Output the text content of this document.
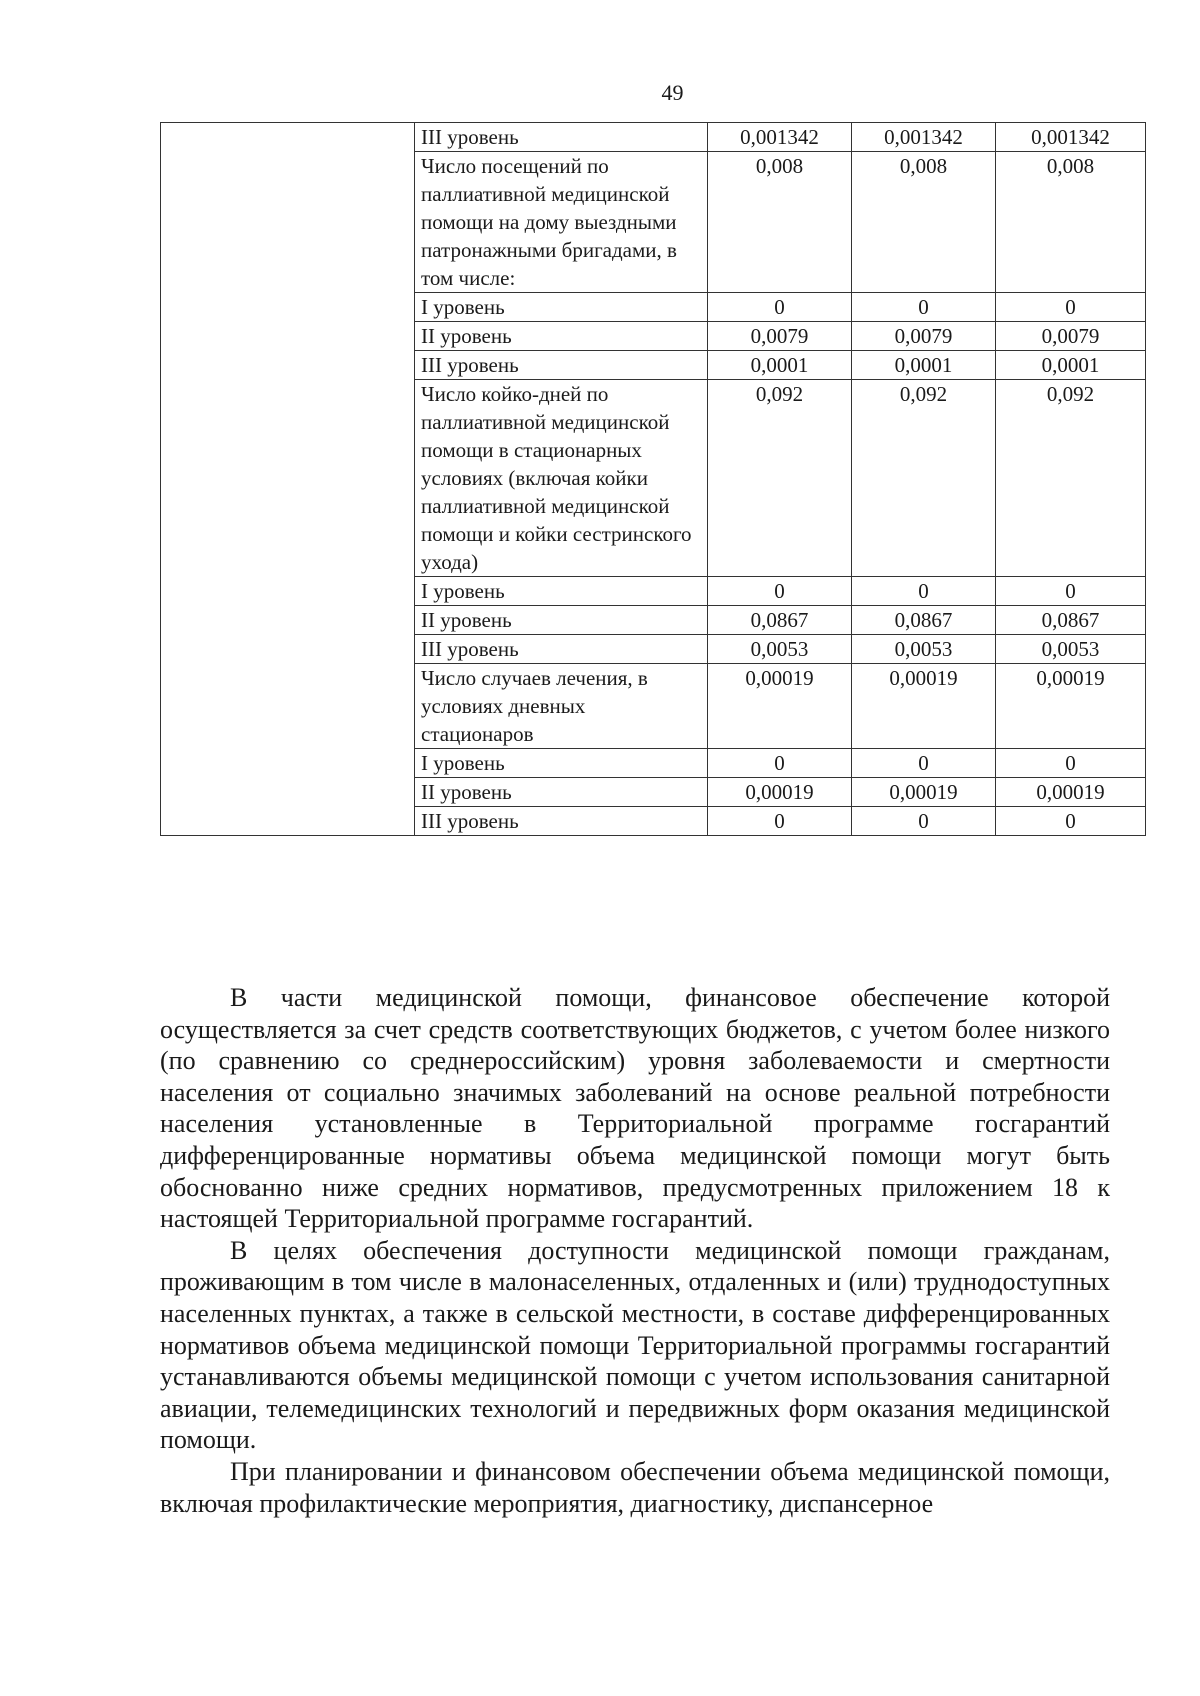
49
	III уровень	0,001342	0,001342	0,001342
	Число посещений по паллиативной медицинской помощи на дому выездными патронажными бригадами, в том числе:	0,008	0,008	0,008
	I уровень	0	0	0
	II уровень	0,0079	0,0079	0,0079
	III уровень	0,0001	0,0001	0,0001
	Число койко-дней по паллиативной медицинской помощи в стационарных условиях (включая койки паллиативной медицинской помощи и койки сестринского ухода)	0,092	0,092	0,092
	I уровень	0	0	0
	II уровень	0,0867	0,0867	0,0867
	III уровень	0,0053	0,0053	0,0053
	Число случаев лечения, в условиях дневных стационаров	0,00019	0,00019	0,00019
	I уровень	0	0	0
	II уровень	0,00019	0,00019	0,00019
	III уровень	0	0	0

В части медицинской помощи, финансовое обеспечение которой осуществляется за счет средств соответствующих бюджетов, с учетом более низкого (по сравнению со среднероссийским) уровня заболеваемости и смертности населения от социально значимых заболеваний на основе реальной потребности населения установленные в Территориальной программе госгарантий дифференцированные нормативы объема медицинской помощи могут быть обоснованно ниже средних нормативов, предусмотренных приложением 18 к настоящей Территориальной программе госгарантий.

В целях обеспечения доступности медицинской помощи гражданам, проживающим в том числе в малонаселенных, отдаленных и (или) труднодоступных населенных пунктах, а также в сельской местности, в составе дифференцированных нормативов объема медицинской помощи Территориальной программы госгарантий устанавливаются объемы медицинской помощи с учетом использования санитарной авиации, телемедицинских технологий и передвижных форм оказания медицинской помощи.

При планировании и финансовом обеспечении объема медицинской помощи, включая профилактические мероприятия, диагностику, диспансерное
